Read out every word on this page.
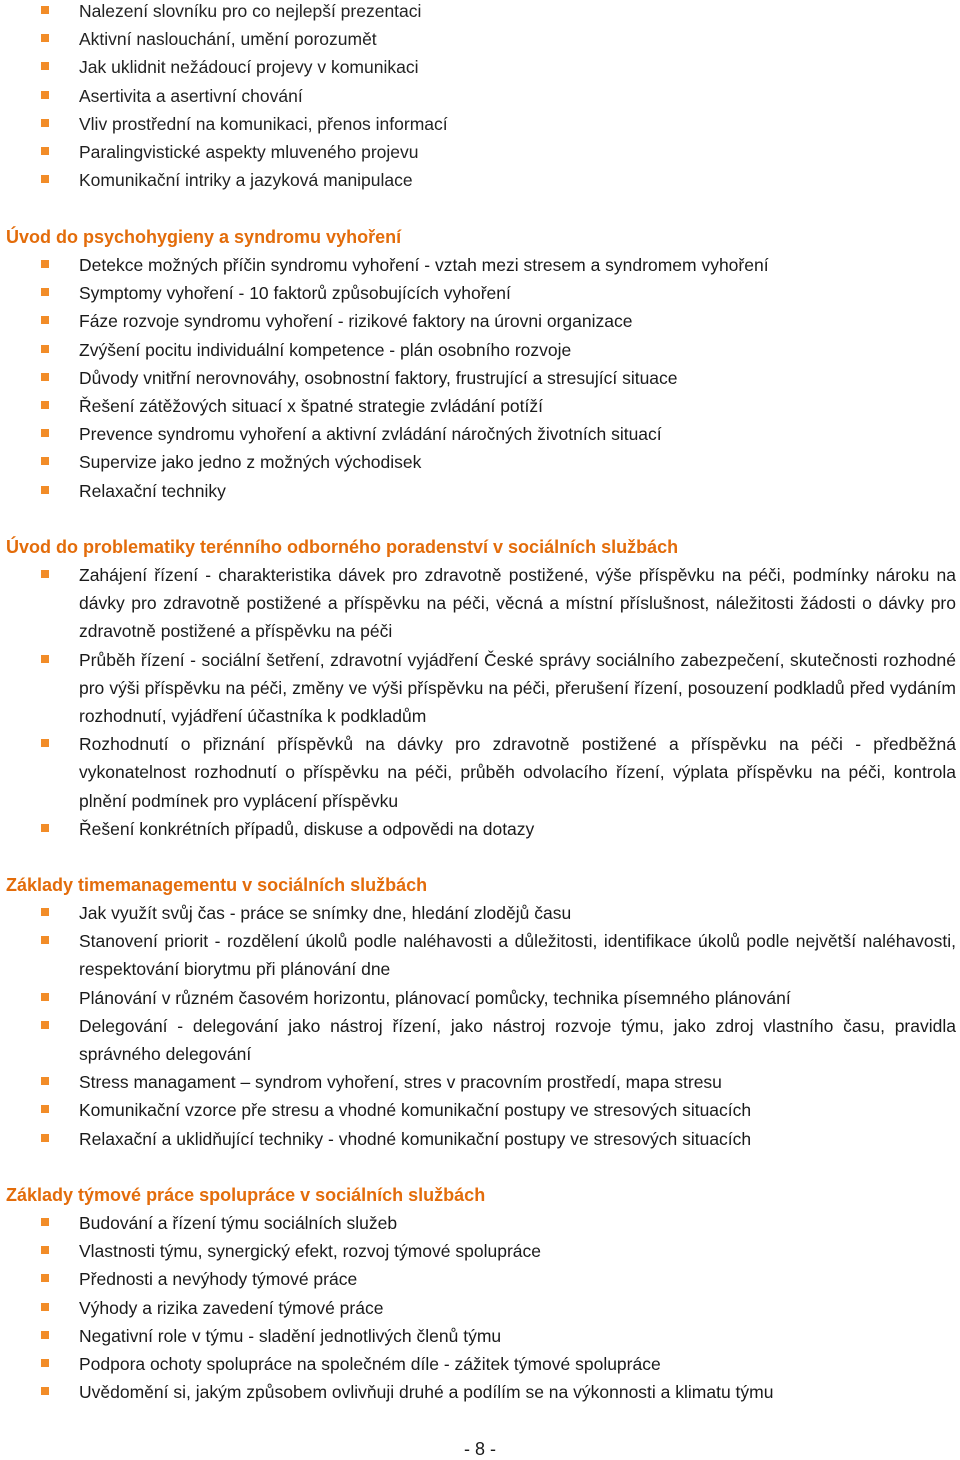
Nalezení slovníku pro co nejlepší prezentaci
Aktivní naslouchání, umění porozumět
Jak uklidnit nežádoucí projevy v komunikaci
Asertivita a asertivní chování
Vliv prostřední na komunikaci, přenos informací
Paralingvistické aspekty mluveného projevu
Komunikační intriky a jazyková manipulace
Úvod do psychohygieny a syndromu vyhoření
Detekce možných příčin syndromu vyhoření - vztah mezi stresem a syndromem vyhoření
Symptomy vyhoření - 10 faktorů způsobujících vyhoření
Fáze rozvoje syndromu vyhoření - rizikové faktory na úrovni organizace
Zvýšení pocitu individuální kompetence - plán osobního rozvoje
Důvody vnitřní nerovnováhy, osobnostní faktory, frustrující a stresující situace
Řešení zátěžových situací x špatné strategie zvládání potíží
Prevence syndromu vyhoření a aktivní zvládání náročných životních situací
Supervize jako jedno z možných východisek
Relaxační techniky
Úvod do problematiky terénního odborného poradenství v sociálních službách
Zahájení řízení - charakteristika dávek pro zdravotně postižené, výše příspěvku na péči, podmínky nároku na dávky pro zdravotně postižené a příspěvku na péči, věcná a místní příslušnost, náležitosti žádosti o dávky pro zdravotně postižené a příspěvku na péči
Průběh řízení - sociální šetření, zdravotní vyjádření České správy sociálního zabezpečení, skutečnosti rozhodné pro výši příspěvku na péči, změny ve výši příspěvku na péči, přerušení řízení, posouzení podkladů před vydáním rozhodnutí, vyjádření účastníka k podkladům
Rozhodnutí o přiznání příspěvků na dávky pro zdravotně postižené a příspěvku na péči - předběžná vykonatelnost rozhodnutí o příspěvku na péči, průběh odvolacího řízení, výplata příspěvku na péči, kontrola plnění podmínek pro vyplácení příspěvku
Řešení konkrétních případů, diskuse a odpovědi na dotazy
Základy timemanagementu v sociálních službách
Jak využít svůj čas - práce se snímky dne, hledání zlodějů času
Stanovení priorit - rozdělení úkolů podle naléhavosti a důležitosti, identifikace úkolů podle největší naléhavosti, respektování biorytmu při plánování dne
Plánování v různém časovém horizontu, plánovací pomůcky, technika písemného plánování
Delegování - delegování jako nástroj řízení, jako nástroj rozvoje týmu, jako zdroj vlastního času, pravidla správného delegování
Stress managament – syndrom vyhoření, stres v pracovním prostředí, mapa stresu
Komunikační vzorce pře stresu a vhodné komunikační postupy ve stresových situacích
Relaxační a uklidňující techniky - vhodné komunikační postupy ve stresových situacích
Základy týmové práce spolupráce v sociálních službách
Budování a řízení týmu sociálních služeb
Vlastnosti týmu, synergický efekt, rozvoj týmové spolupráce
Přednosti a nevýhody týmové práce
Výhody a rizika zavedení týmové práce
Negativní role v týmu - sladění jednotlivých členů týmu
Podpora ochoty spolupráce na společném díle - zážitek týmové spolupráce
Uvědomění si, jakým způsobem ovlivňuji druhé a podílím se na výkonnosti a klimatu týmu
- 8 -
